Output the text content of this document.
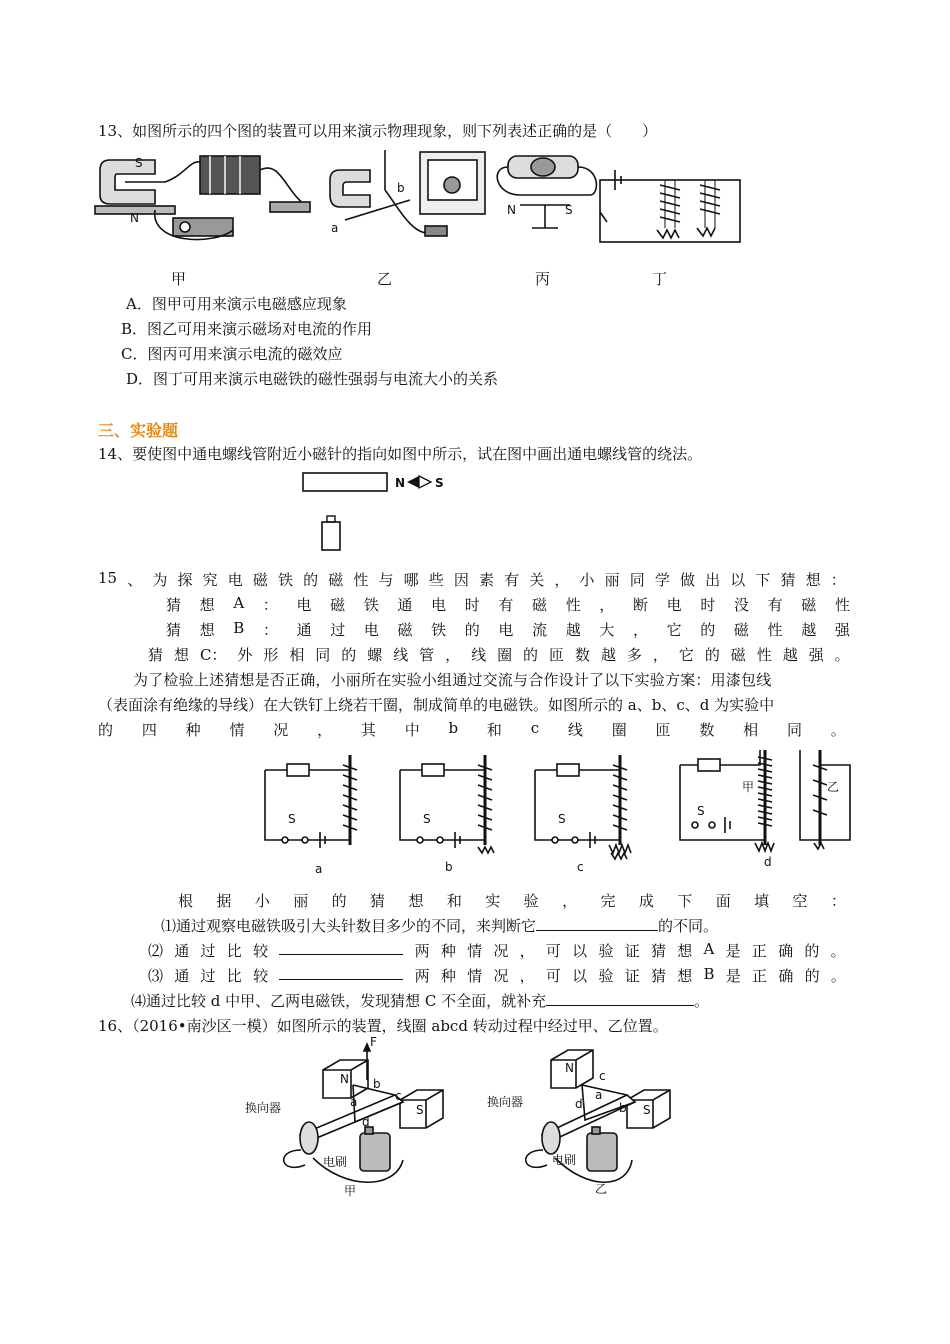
13、如图所示的四个图的装置可以用来演示物理现象，则下列表述正确的是（　　）
S
N
a
b
N	S
甲	乙	丙	丁
A．图甲可用来演示电磁感应现象
B．图乙可用来演示磁场对电流的作用
C．图丙可用来演示电流的磁效应
D．图丁可用来演示电磁铁的磁性强弱与电流大小的关系
三、实验题
14、要使图中通电螺线管附近小磁针的指向如图中所示，试在图中画出通电螺线管的绕法。
N S
15 、 为 探 究 电 磁 铁 的 磁 性 与 哪 些 因 素 有 关 ， 小 丽 同 学 做 出 以 下 猜 想 ：
猜 想 A ： 电 磁 铁 通 电 时 有 磁 性 ， 断 电 时 没 有 磁 性
猜 想 B ： 通 过 电 磁 铁 的 电 流 越 大 ， 它 的 磁 性 越 强
猜 想 C： 外 形 相 同 的 螺 线 管 ， 线 圈 的 匝 数 越 多 ， 它 的 磁 性 越 强 。
为了检验上述猜想是否正确，小丽所在实验小组通过交流与合作设计了以下实验方案：用漆包线
（表面涂有绝缘的导线）在大铁钉上绕若干圈，制成简单的电磁铁。如图所示的 a、b、c、d 为实验中
的 四 种 情 况 ， 其 中 b 和 c 线 圈 匝 数 相 同 。
S	S	S
S
甲	乙
a	b	c	d
根 据 小 丽 的 猜 想 和 实 验 ， 完 成 下 面 填 空 ：
⑴通过观察电磁铁吸引大头针数目多少的不同，来判断它	的不同。
⑵ 通 过 比 较	两 种 情 况 ， 可 以 验 证 猜 想 A 是 正 确 的 。
⑶ 通 过 比 较	两 种 情 况 ， 可 以 验 证 猜 想 B 是 正 确 的 。
⑷通过比较 d 中甲、乙两电磁铁，发现猜想 C 不全面，就补充	。
16、（2016•南沙区一模）如图所示的装置，线圈 abcd 转动过程中经过甲、乙位置。
N
S
F
a
b
c
d
换向器
电刷
甲
N
S
a
b
c
d
换向器
电刷
乙
